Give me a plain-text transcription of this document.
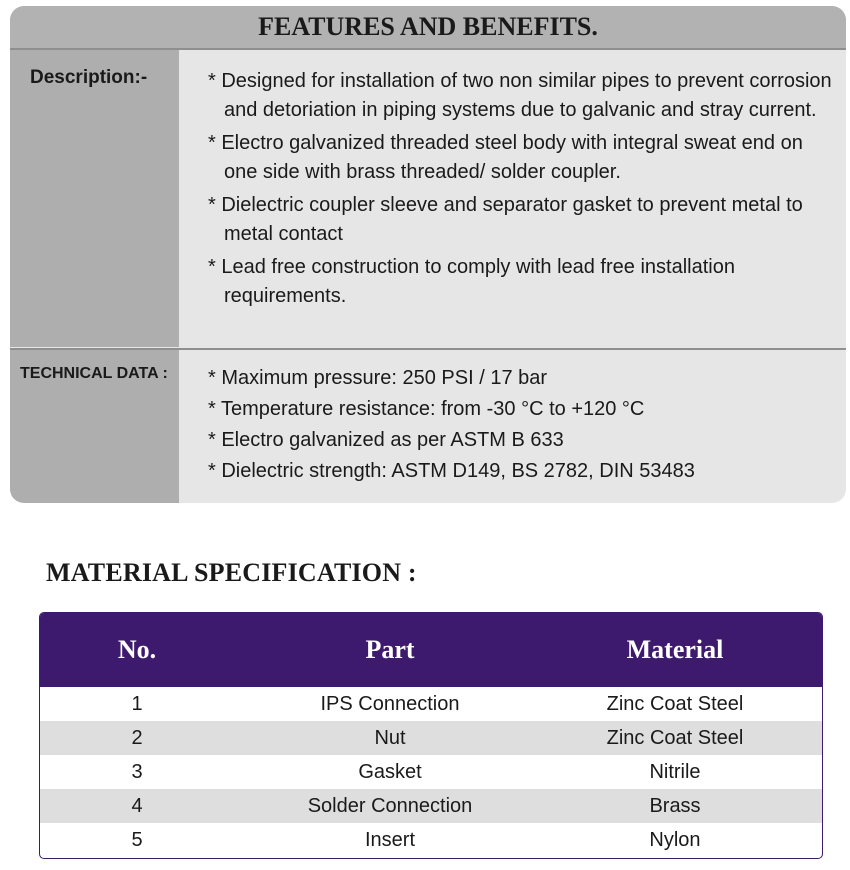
FEATURES AND BENEFITS.
Description:-	* Designed for installation of two non similar pipes to prevent corrosion and detoriation in piping systems due to galvanic and stray current.
* Electro galvanized threaded steel body with integral sweat end on one side with brass threaded/ solder coupler.
* Dielectric coupler sleeve and separator gasket to prevent metal to metal contact
* Lead free construction to comply with lead free installation requirements.
TECHNICAL DATA : * Maximum pressure: 250 PSI / 17 bar
* Temperature resistance: from -30 °C to +120 °C
* Electro galvanized as per ASTM B 633
* Dielectric strength: ASTM D149, BS 2782, DIN 53483
MATERIAL SPECIFICATION :
No.	Part	Material
1	IPS Connection	Zinc Coat Steel
2	Nut	Zinc Coat Steel
3	Gasket	Nitrile
4	Solder Connection	Brass
5	Insert	Nylon
